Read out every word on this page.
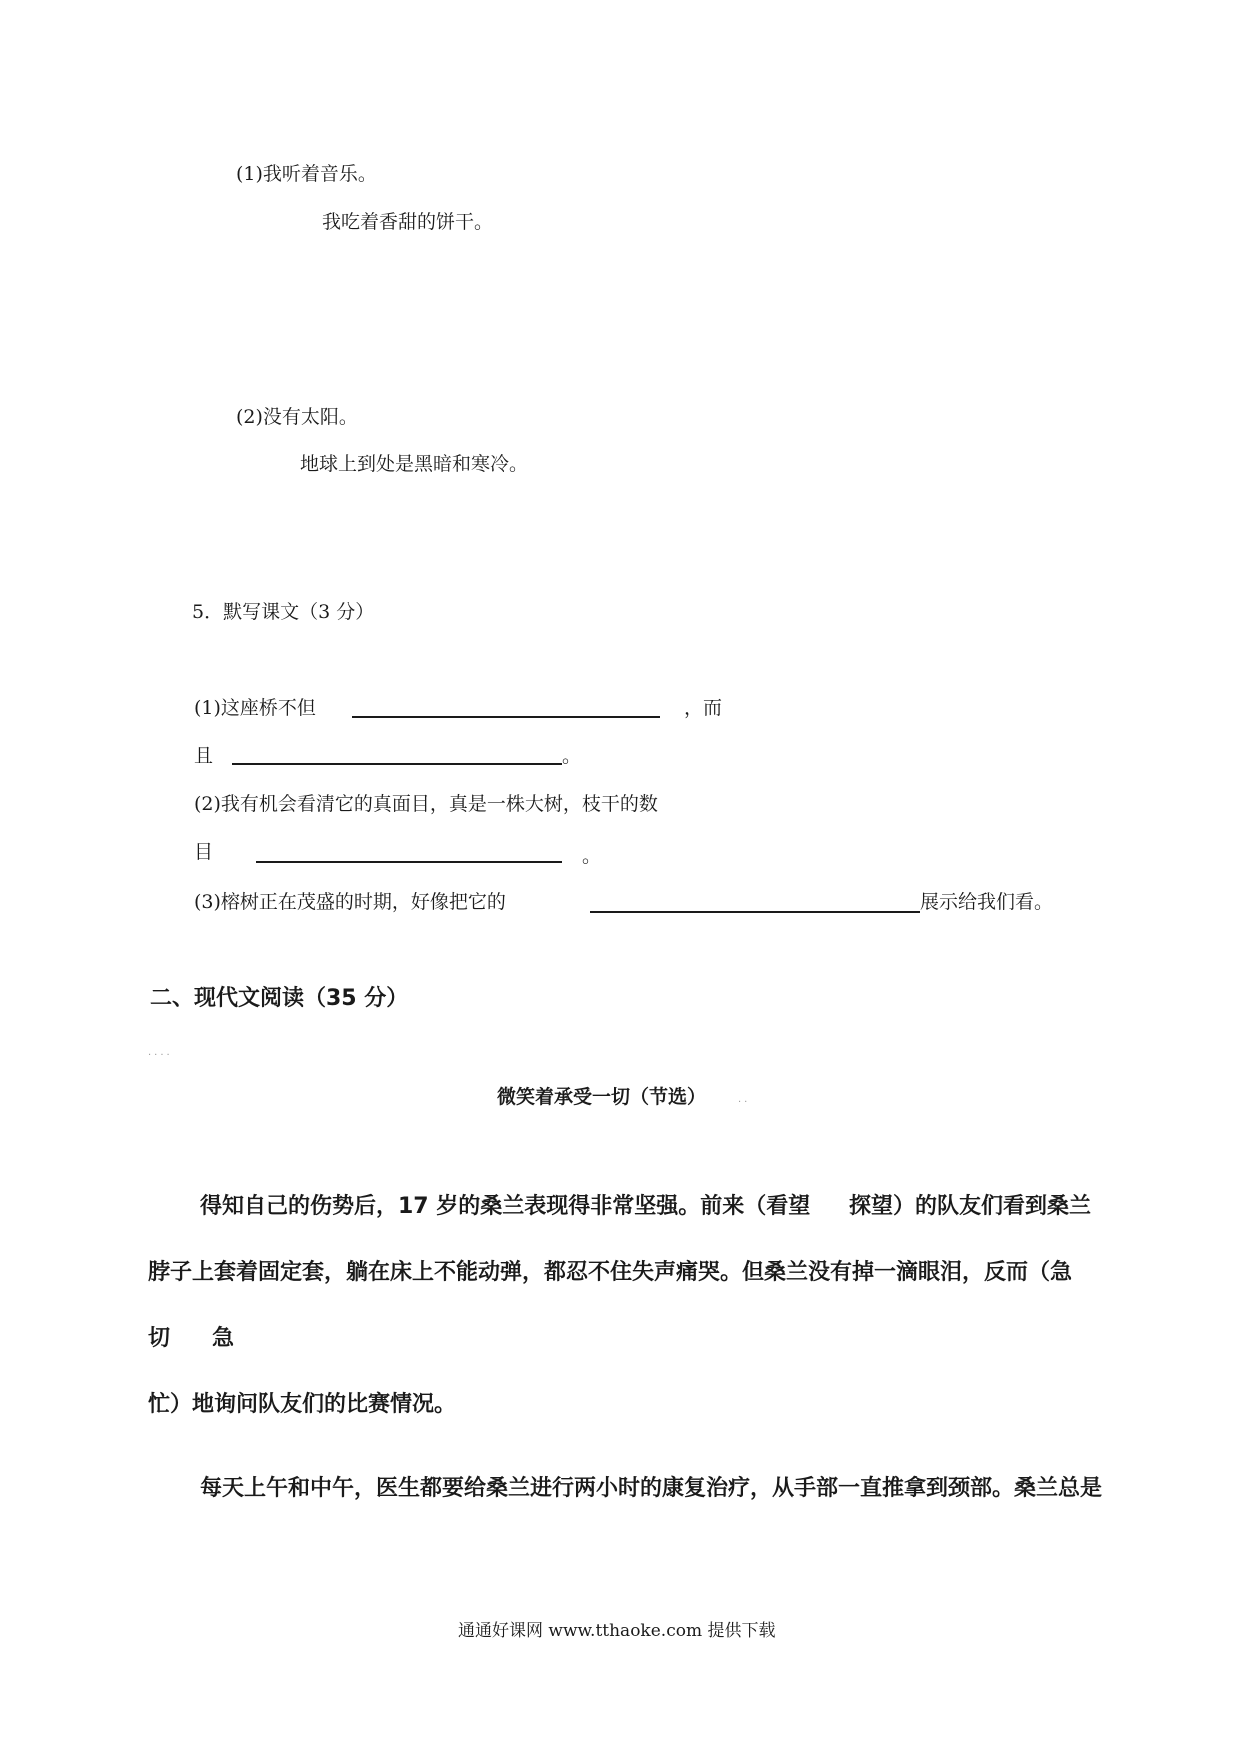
(1)我听着音乐。
我吃着香甜的饼干。
(2)没有太阳。
地球上到处是黑暗和寒冷。
5．默写课文（3 分）
(1)这座桥不但	，而
且	。
(2)我有机会看清它的真面目，真是一株大树，枝干的数
目	。
(3)榕树正在茂盛的时期，好像把它的	展示给我们看。
二、现代文阅读（35 分）
....
微笑着承受一切（节选）	..
得知自己的伤势后，17 岁的桑兰表现得非常坚强。前来（看望 探望）的队友们看到桑兰
脖子上套着固定套，躺在床上不能动弹，都忍不住失声痛哭。但桑兰没有掉一滴眼泪，反而（急
切 急
忙）地询问队友们的比赛情况。
每天上午和中午，医生都要给桑兰进行两小时的康复治疗，从手部一直推拿到颈部。桑兰总是
通通好课网 www.tthaoke.com 提供下载
